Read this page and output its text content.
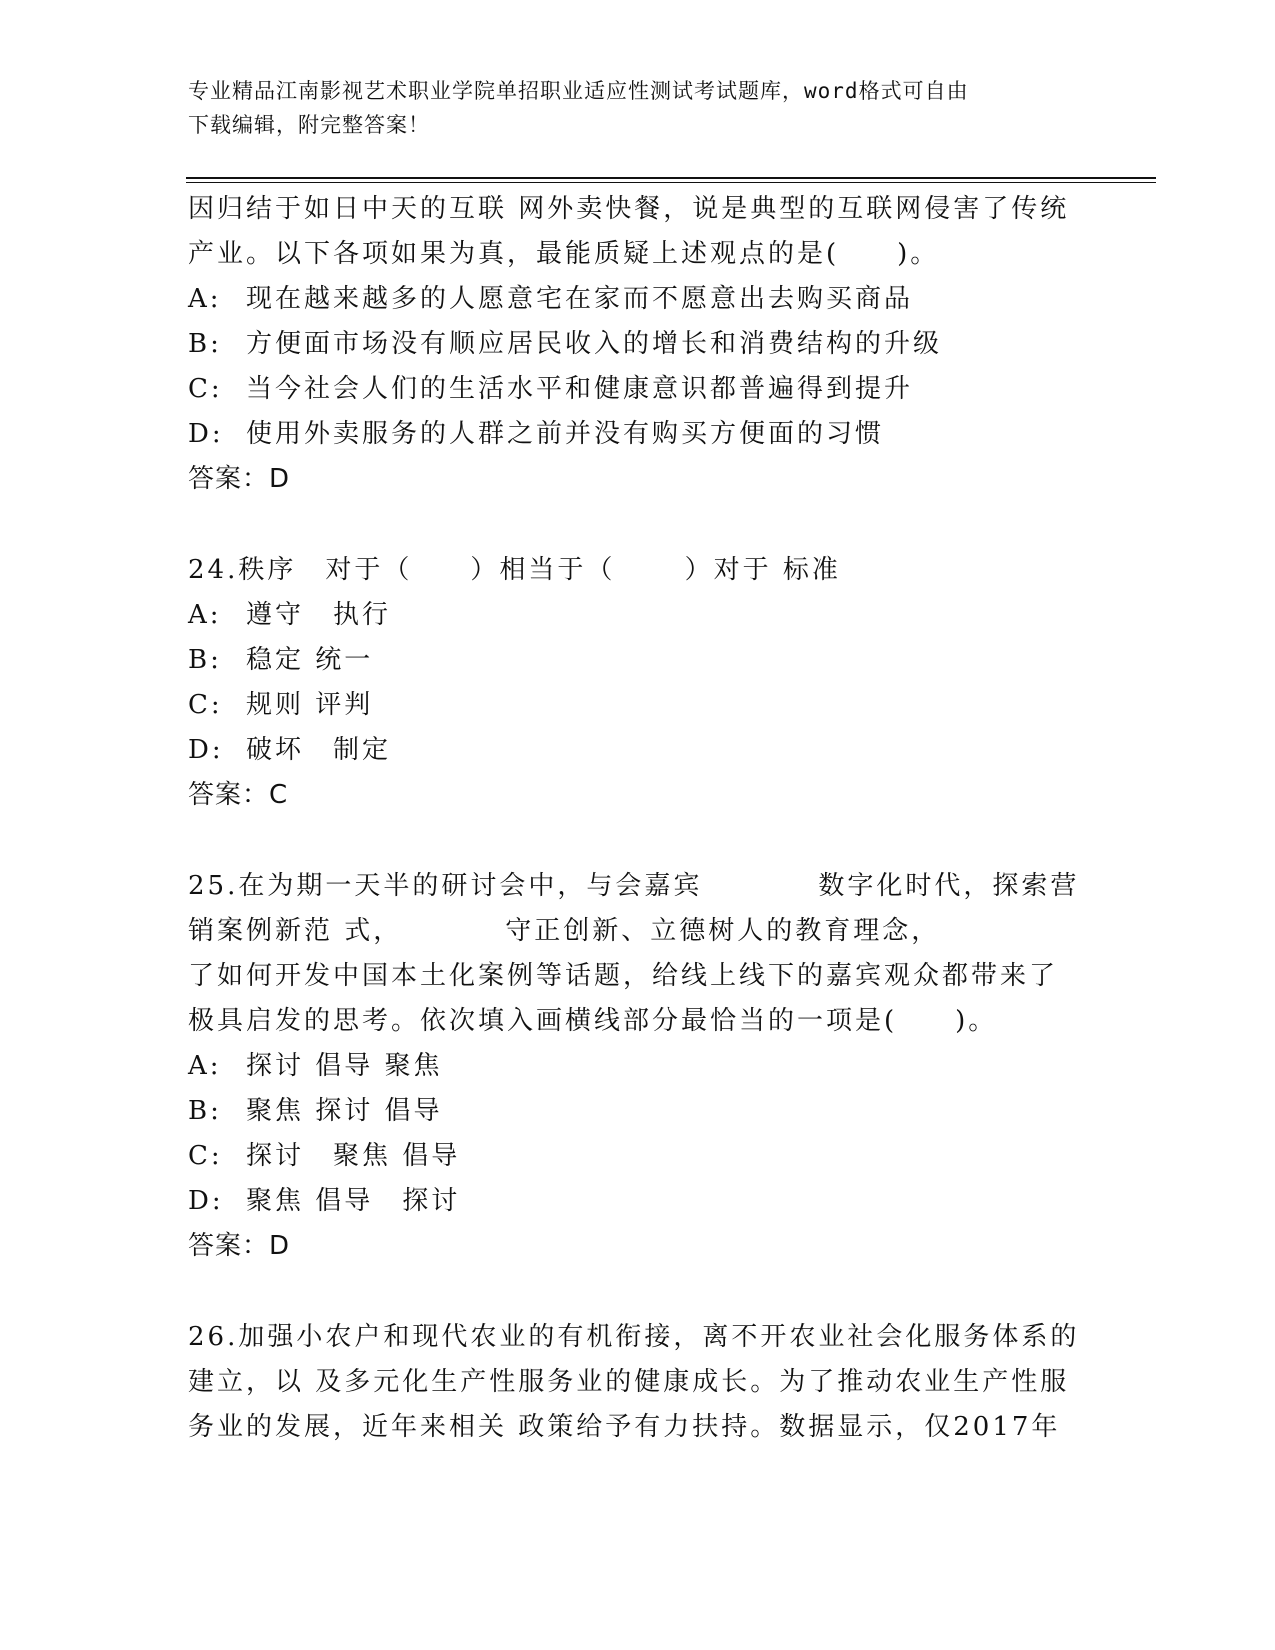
专业精品江南影视艺术职业学院单招职业适应性测试考试题库，word格式可自由
下载编辑，附完整答案！
因归结于如日中天的互联 网外卖快餐，说是典型的互联网侵害了传统
产业。以下各项如果为真，最能质疑上述观点的是(　　)。
A: 现在越来越多的人愿意宅在家而不愿意出去购买商品
B: 方便面市场没有顺应居民收入的增长和消费结构的升级
C: 当今社会人们的生活水平和健康意识都普遍得到提升
D: 使用外卖服务的人群之前并没有购买方便面的习惯
答案：D
24.秩序　对于（　　）相当于（　　 ）对于 标准
A: 遵守　执行
B: 稳定 统一
C: 规则 评判
D: 破坏　制定
答案：C
25.在为期一天半的研讨会中，与会嘉宾　　　　数字化时代，探索营
销案例新范 式，　　　　守正创新、立德树人的教育理念，
了如何开发中国本土化案例等话题，给线上线下的嘉宾观众都带来了
极具启发的思考。依次填入画横线部分最恰当的一项是(　　)。
A: 探讨 倡导 聚焦
B: 聚焦 探讨 倡导
C: 探讨　聚焦 倡导
D: 聚焦 倡导　探讨
答案：D
26.加强小农户和现代农业的有机衔接，离不开农业社会化服务体系的
建立，以 及多元化生产性服务业的健康成长。为了推动农业生产性服
务业的发展，近年来相关 政策给予有力扶持。数据显示，仅2017年
